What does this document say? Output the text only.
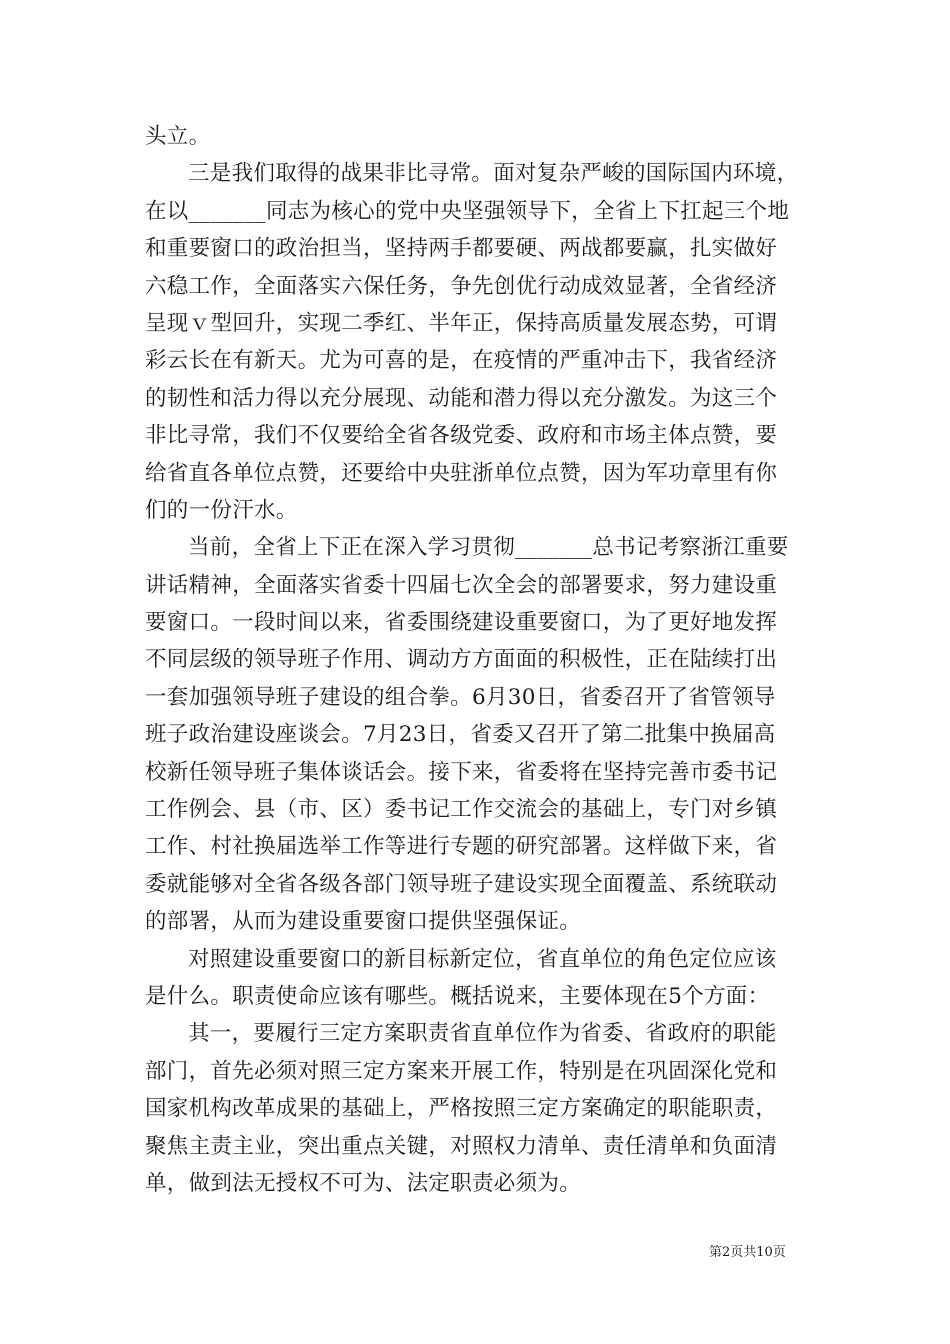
头立。
三是我们取得的战果非比寻常。面对复杂严峻的国际国内环境，
在以_______同志为核心的党中央坚强领导下，全省上下扛起三个地
和重要窗口的政治担当，坚持两手都要硬、两战都要赢，扎实做好
六稳工作，全面落实六保任务，争先创优行动成效显著，全省经济
呈现ｖ型回升，实现二季红、半年正，保持高质量发展态势，可谓
彩云长在有新天。尤为可喜的是，在疫情的严重冲击下，我省经济
的韧性和活力得以充分展现、动能和潜力得以充分激发。为这三个
非比寻常，我们不仅要给全省各级党委、政府和市场主体点赞，要
给省直各单位点赞，还要给中央驻浙单位点赞，因为军功章里有你
们的一份汗水。
当前，全省上下正在深入学习贯彻_______总书记考察浙江重要
讲话精神，全面落实省委十四届七次全会的部署要求，努力建设重
要窗口。一段时间以来，省委围绕建设重要窗口，为了更好地发挥
不同层级的领导班子作用、调动方方面面的积极性，正在陆续打出
一套加强领导班子建设的组合拳。6月30日，省委召开了省管领导
班子政治建设座谈会。7月23日，省委又召开了第二批集中换届高
校新任领导班子集体谈话会。接下来，省委将在坚持完善市委书记
工作例会、县（市、区）委书记工作交流会的基础上，专门对乡镇
工作、村社换届选举工作等进行专题的研究部署。这样做下来，省
委就能够对全省各级各部门领导班子建设实现全面覆盖、系统联动
的部署，从而为建设重要窗口提供坚强保证。
对照建设重要窗口的新目标新定位，省直单位的角色定位应该
是什么。职责使命应该有哪些。概括说来，主要体现在5个方面：
其一，要履行三定方案职责省直单位作为省委、省政府的职能
部门，首先必须对照三定方案来开展工作，特别是在巩固深化党和
国家机构改革成果的基础上，严格按照三定方案确定的职能职责，
聚焦主责主业，突出重点关键，对照权力清单、责任清单和负面清
单，做到法无授权不可为、法定职责必须为。
第2页共10页
